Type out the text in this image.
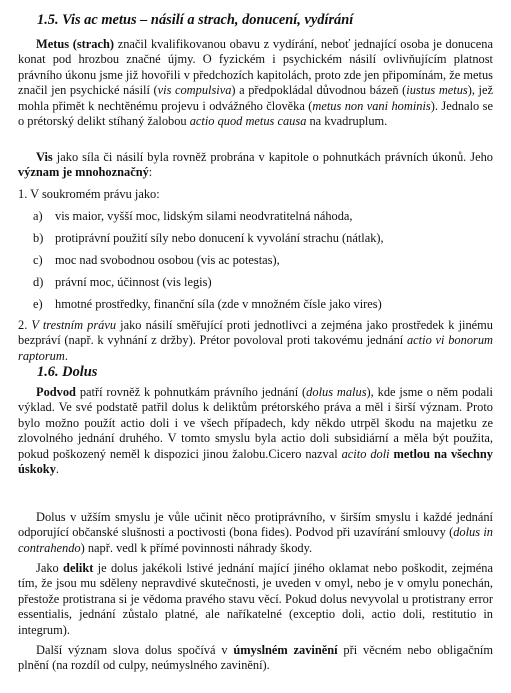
1.5. Vis ac metus – násilí a strach, donucení, vydírání

Metus (strach) značil kvalifikovanou obavu z vydírání, neboť jednající osoba je donucena konat pod hrozbou značné újmy. O fyzickém i psychickém násilí ovlivňujícím platnost právního úkonu jsme již hovořili v předchozích kapitolách, proto zde jen připomínám, že metus značil jen psychické násilí (vis compulsiva) a předpokládal důvodnou bázeň (iustus metus), jež mohla přimět k nechtěnému projevu i odvážného člověka (metus non vani hominis). Jednalo se o prétorský delikt stíhaný žalobou actio quod metus causa na kvadruplum.

Vis jako síla či násilí byla rovněž probrána v kapitole o pohnutkách právních úkonů. Jeho význam je mnohoznačný:

1. V soukromém právu jako:

a) vis maior, vyšší moc, lidským silami neodvratitelná náhoda,

b) protiprávní použití síly nebo donucení k vyvolání strachu (nátlak),

c) moc nad svobodnou osobou (vis ac potestas),

d) právní moc, účinnost (vis legis)

e) hmotné prostředky, finanční síla (zde v množném čísle jako vires)

2. V trestním právu jako násilí směřující proti jednotlivci a zejména jako prostředek k jinému bezpráví (např. k vyhnání z držby). Prétor povoloval proti takovému jednání actio vi bonorum raptorum.

1.6. Dolus

Podvod patří rovněž k pohnutkám právního jednání (dolus malus), kde jsme o něm podali výklad. Ve své podstatě patřil dolus k deliktům prétorského práva a měl i širší význam. Proto bylo možno použít actio doli i ve všech případech, kdy někdo utrpěl škodu na majetku ze zlovolného jednání druhého. V tomto smyslu byla actio doli subsidiární a měla být použita, pokud poškozený neměl k dispozici jinou žalobu.Cicero nazval acito doli metlou na všechny úskoky.

Dolus v užším smyslu je vůle učinit něco protiprávního, v širším smyslu i každé jednání odporující občanské slušnosti a poctivosti (bona fides). Podvod při uzavírání smlouvy (dolus in contrahendo) např. vedl k přímé povinnosti náhrady škody.

Jako delikt je dolus jakékoli lstivé jednání mající jiného oklamat nebo poškodit, zejména tím, že jsou mu sděleny nepravdivé skutečnosti, je uveden v omyl, nebo je v omylu ponechán, přestože protistrana si je vědoma pravého stavu věcí. Pokud dolus nevyvolal u protistrany error essentialis, jednání zůstalo platné, ale naříkatelné (exceptio doli, actio doli, restitutio in integrum).

Další význam slova dolus spočívá v úmyslném zavinění při věcném nebo obligačním plnění (na rozdíl od culpy, neúmyslného zavinění).
